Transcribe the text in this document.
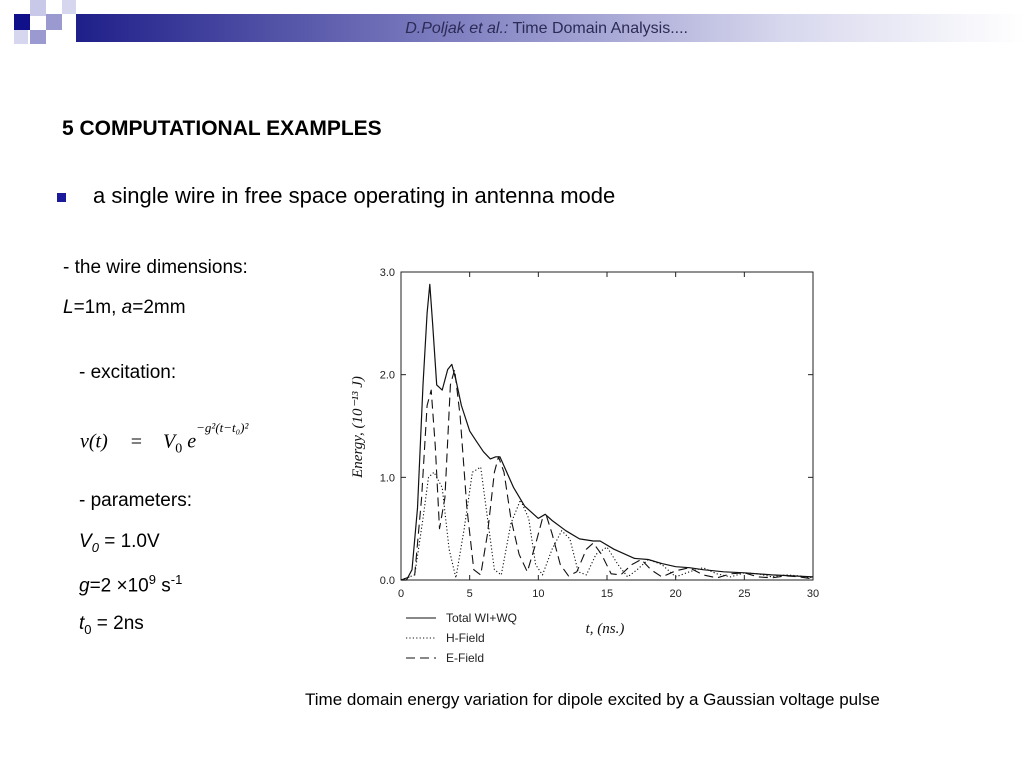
D.Poljak et al.: Time Domain Analysis....
5 COMPUTATIONAL EXAMPLES
a single wire in free space operating in antenna mode
- the wire dimensions:
L=1m, a=2mm
- excitation:
$v(t) = V_0$ $e^{-g^2(t-t_0)^2}$
- parameters:
$V_0 = 1.0V$
$g=2 \times 10^9$ $s^{-1}$
$t_0 = 2ns$
0	5	10	15	20	25	30
0.0
1.0
2.0
3.0
Total WI+WQ
H-Field
E-Field
t, (ns.)
Energy, (10⁻¹³ J)
Time domain energy variation for dipole excited by a Gaussian voltage pulse
